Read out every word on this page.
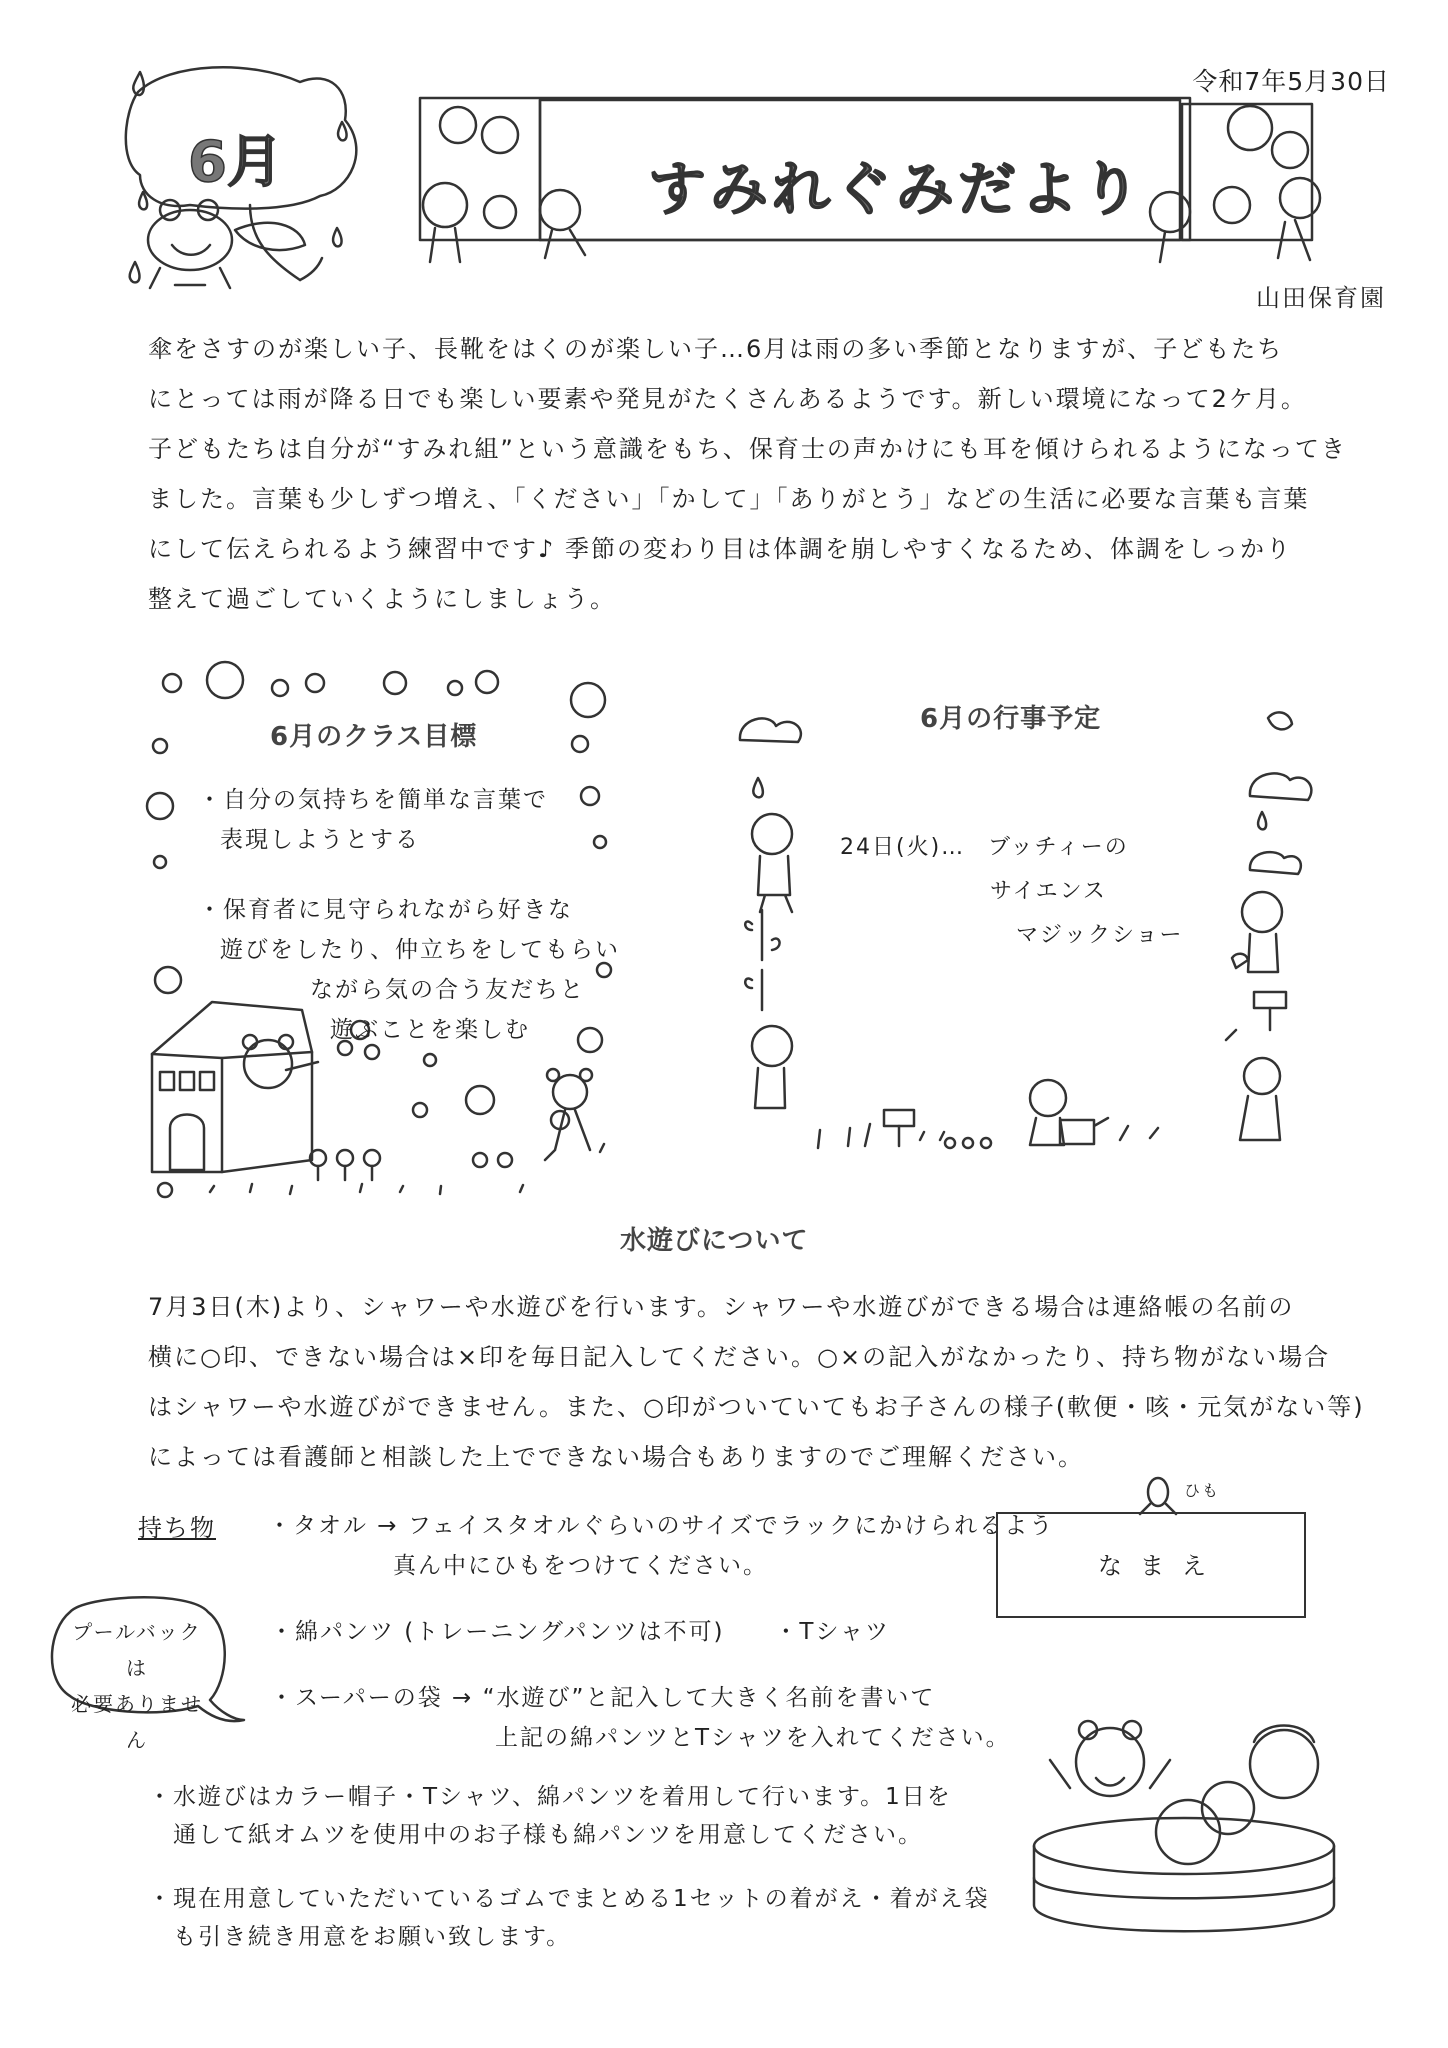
令和7年5月30日
山田保育園
6月	すみれぐみだより
傘をさすのが楽しい子、長靴をはくのが楽しい子…6月は雨の多い季節となりますが、子どもたち
にとっては雨が降る日でも楽しい要素や発見がたくさんあるようです。新しい環境になって2ケ月。
子どもたちは自分が“すみれ組”という意識をもち、保育士の声かけにも耳を傾けられるようになってき
ました。言葉も少しずつ増え、「ください」「かして」「ありがとう」などの生活に必要な言葉も言葉
にして伝えられるよう練習中です♪ 季節の変わり目は体調を崩しやすくなるため、体調をしっかり
整えて過ごしていくようにしましょう。
6月のクラス目標
・自分の気持ちを簡単な言葉で
表現しようとする
・保育者に見守られながら好きな
遊びをしたり、仲立ちをしてもらい
ながら気の合う友だちと
遊ぶことを楽しむ
6月の行事予定
24日(火)… ブッチィーの
サイエンス
マジックショー
水遊びについて
7月3日(木)より、シャワーや水遊びを行います。シャワーや水遊びができる場合は連絡帳の名前の
横に○印、できない場合は×印を毎日記入してください。○×の記入がなかったり、持ち物がない場合
はシャワーや水遊びができません。また、○印がついていてもお子さんの様子(軟便・咳・元気がない等)
によっては看護師と相談した上でできない場合もありますのでご理解ください。
持ち物 ・タオル → フェイスタオルぐらいのサイズでラックにかけられるよう
　　　　　真ん中にひもをつけてください。
・綿パンツ (トレーニングパンツは不可)　　・Tシャツ
・スーパーの袋 → “水遊び”と記入して大きく名前を書いて
　　　　　　　　　上記の綿パンツとTシャツを入れてください。
なまえ
ひも
プールバックは
必要ありません
・水遊びはカラー帽子・Tシャツ、綿パンツを着用して行います。1日を
　通して紙オムツを使用中のお子様も綿パンツを用意してください。
・現在用意していただいているゴムでまとめる1セットの着がえ・着がえ袋
　も引き続き用意をお願い致します。
